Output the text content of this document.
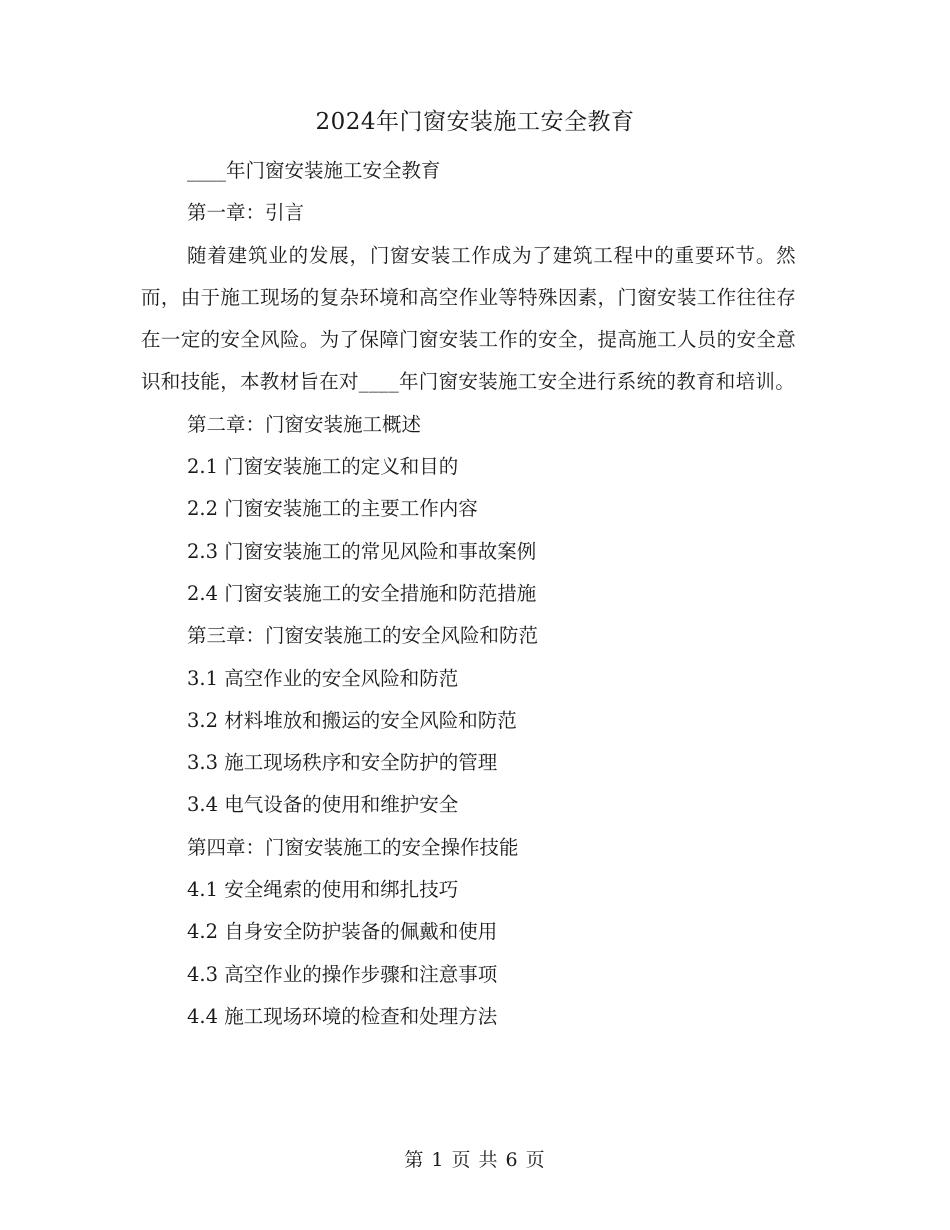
2024年门窗安装施工安全教育

____年门窗安装施工安全教育

第一章：引言

随着建筑业的发展，门窗安装工作成为了建筑工程中的重要环节。然而，由于施工现场的复杂环境和高空作业等特殊因素，门窗安装工作往往存在一定的安全风险。为了保障门窗安装工作的安全，提高施工人员的安全意识和技能，本教材旨在对____年门窗安装施工安全进行系统的教育和培训。

第二章：门窗安装施工概述

2.1 门窗安装施工的定义和目的

2.2 门窗安装施工的主要工作内容

2.3 门窗安装施工的常见风险和事故案例

2.4 门窗安装施工的安全措施和防范措施

第三章：门窗安装施工的安全风险和防范

3.1 高空作业的安全风险和防范

3.2 材料堆放和搬运的安全风险和防范

3.3 施工现场秩序和安全防护的管理

3.4 电气设备的使用和维护安全

第四章：门窗安装施工的安全操作技能

4.1 安全绳索的使用和绑扎技巧

4.2 自身安全防护装备的佩戴和使用

4.3 高空作业的操作步骤和注意事项

4.4 施工现场环境的检查和处理方法

第 1 页 共 6 页
